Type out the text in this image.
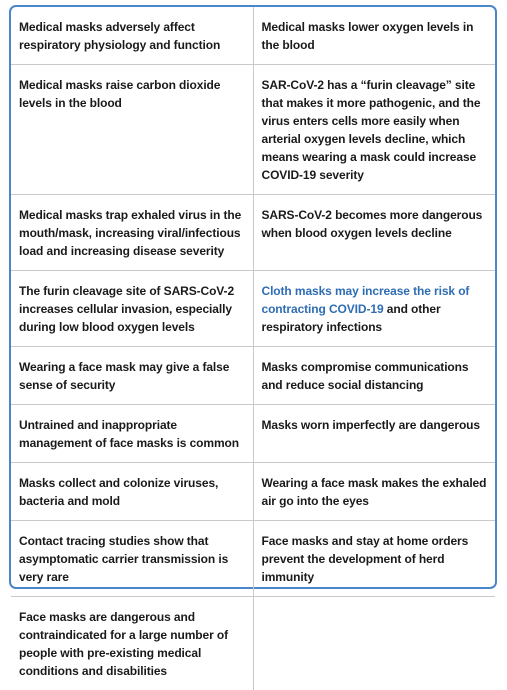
Medical masks adversely affect respiratory physiology and function	Medical masks lower oxygen levels in the blood
Medical masks raise carbon dioxide levels in the blood	SAR-CoV-2 has a “furin cleavage” site that makes it more pathogenic, and the virus enters cells more easily when arterial oxygen levels decline, which means wearing a mask could increase COVID-19 severity
Medical masks trap exhaled virus in the mouth/mask, increasing viral/infectious load and increasing disease severity	SARS-CoV-2 becomes more dangerous when blood oxygen levels decline
The furin cleavage site of SARS-CoV-2 increases cellular invasion, especially during low blood oxygen levels	Cloth masks may increase the risk of contracting COVID-19 and other respiratory infections
Wearing a face mask may give a false sense of security	Masks compromise communications and reduce social distancing
Untrained and inappropriate management of face masks is common	Masks worn imperfectly are dangerous
Masks collect and colonize viruses, bacteria and mold	Wearing a face mask makes the exhaled air go into the eyes
Contact tracing studies show that asymptomatic carrier transmission is very rare	Face masks and stay at home orders prevent the development of herd immunity
Face masks are dangerous and contraindicated for a large number of people with pre-existing medical conditions and disabilities	
